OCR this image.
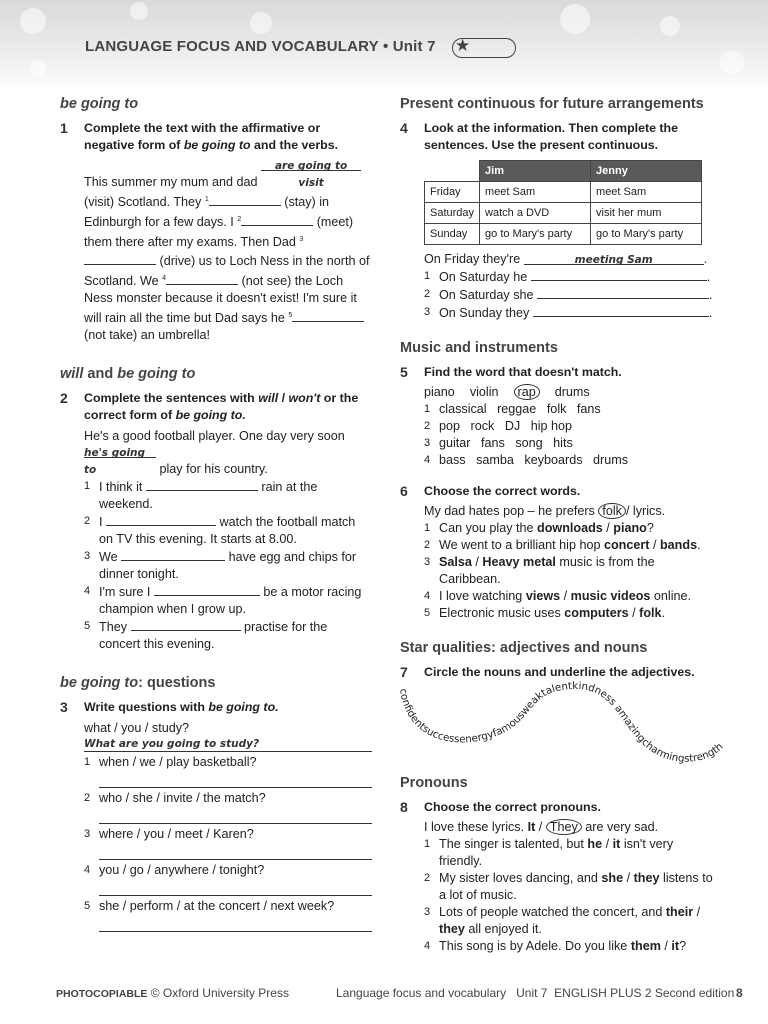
LANGUAGE FOCUS AND VOCABULARY • Unit 7 ★
be going to
1 Complete the text with the affirmative or negative form of be going to and the verbs.
This summer my mum and dad are going to visit (visit) Scotland. They $^1$	(stay) in Edinburgh for a few days. I $^2$	(meet) them there after my exams. Then Dad $^3$ (drive) us to Loch Ness in the north of Scotland. We $^4$	(not see) the Loch Ness monster because it doesn't exist! I'm sure it will rain all the time but Dad says he $^5$ (not take) an umbrella!
will and be going to
2 Complete the sentences with will / won't or the correct form of be going to.
He's a good football player. One day very soon he's going to	play for his country.
1 I think it	rain at the weekend.
2 I	watch the football match on TV this evening. It starts at 8.00.
3 We	have egg and chips for dinner tonight.
4 I'm sure I	be a motor racing champion when I grow up.
5 They	practise for the concert this evening.
be going to: questions
3 Write questions with be going to.
what / you / study?
What are you going to study?
1 when / we / play basketball?
2 who / she / invite / the match?
3 where / you / meet / Karen?
4 you / go / anywhere / tonight?
5 she / perform / at the concert / next week?
Present continuous for future arrangements
4 Look at the information. Then complete the sentences. Use the present continuous.
	Jim	Jenny
Friday	meet Sam	meet Sam
Saturday	watch a DVD	visit her mum
Sunday	go to Mary's party	go to Mary's party
On Friday they're	meeting Sam	.
1 On Saturday he	.
2 On Saturday she	.
3 On Sunday they	.
Music and instruments
5 Find the word that doesn't match.
piano violin rap drums
1 classical reggae folk fans
2 pop rock DJ hip hop
3 guitar fans song hits
4 bass samba keyboards drums
6 Choose the correct words.
My dad hates pop – he prefers folk / lyrics.
1 Can you play the downloads / piano?
2 We went to a brilliant hip hop concert / bands.
3 Salsa / Heavy metal music is from the Caribbean.
4 I love watching views / music videos online.
5 Electronic music uses computers / folk.
Star qualities: adjectives and nouns
7 Circle the nouns and underline the adjectives.
confidentsuccessenergyfamousweaktalentkindness amazingcharmingstrength
Pronouns
8 Choose the correct pronouns.
I love these lyrics. It / They are very sad.
1 The singer is talented, but he / it isn't very friendly.
2 My sister loves dancing, and she / they listens to a lot of music.
3 Lots of people watched the concert, and their / they all enjoyed it.
4 This song is by Adele. Do you like them / it?
PHOTOCOPIABLE © Oxford University Press	Language focus and vocabulary   Unit 7  ENGLISH PLUS 2 Second edition 8
